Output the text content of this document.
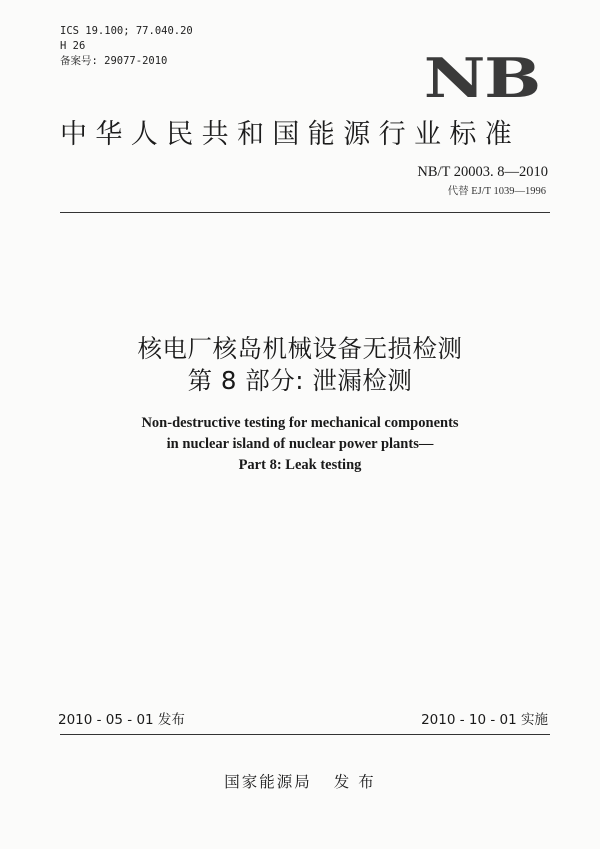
ICS 19.100; 77.040.20
H 26
备案号: 29077-2010	NB
中华人民共和国能源行业标准
NB/T 20003. 8—2010
代替 EJ/T 1039—1996
核电厂核岛机械设备无损检测
第 8 部分: 泄漏检测
Non-destructive testing for mechanical components
in nuclear island of nuclear power plants—
Part 8: Leak testing
2010 - 05 - 01 发布	2010 - 10 - 01 实施
国家能源局 发 布
